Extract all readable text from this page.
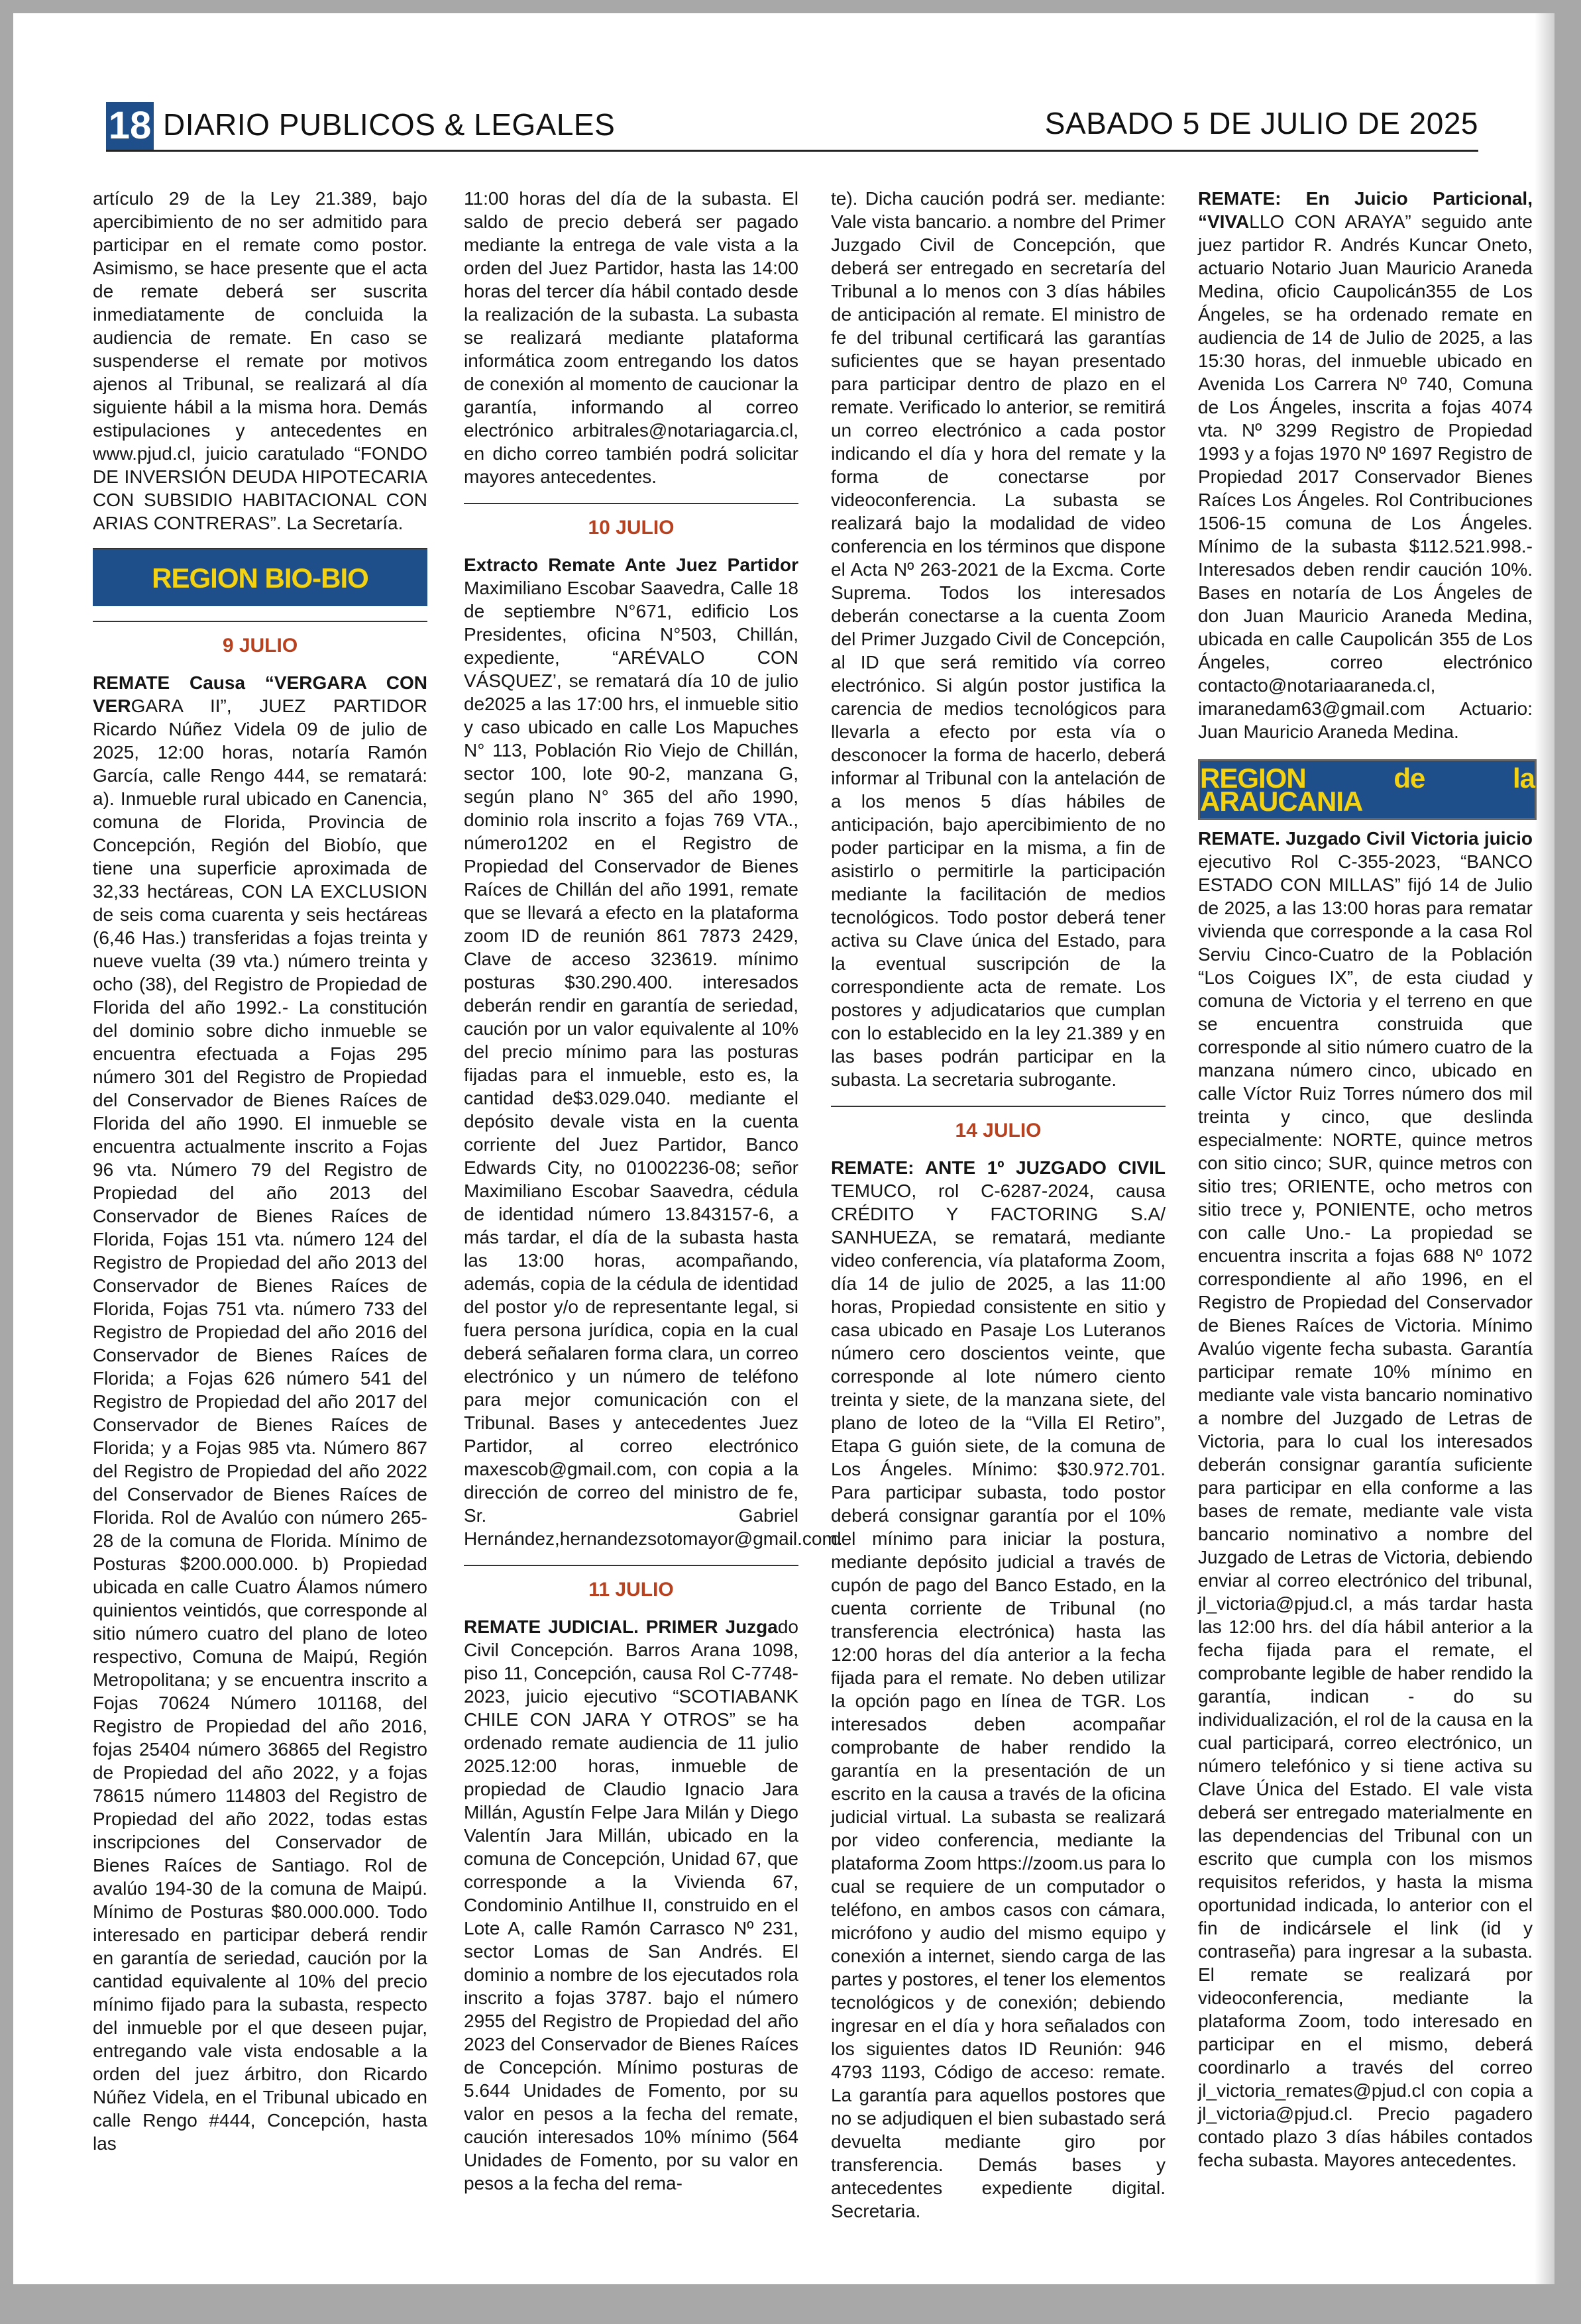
18 DIARIO PUBLICOS & LEGALES	SABADO 5 DE JULIO DE 2025

artículo 29 de la Ley 21.389, bajo apercibimiento de no ser admitido para participar en el remate como postor. Asimismo, se hace presente que el acta de remate deberá ser suscrita inmediatamente de concluida la audiencia de remate. En caso se suspenderse el remate por motivos ajenos al Tribunal, se realizará al día siguiente hábil a la misma hora. Demás estipulaciones y antecedentes en www.pjud.cl, juicio caratulado “FONDO DE INVERSIÓN DEUDA HIPOTECARIA CON SUBSIDIO HABITACIONAL CON ARIAS CONTRERAS”. La Secretaría.

REGION BIO-BIO
9 JULIO

REMATE Causa “VERGARA CON VERGARA II”, JUEZ PARTIDOR Ricardo Núñez Videla 09 de julio de 2025, 12:00 horas, notaría Ramón García, calle Rengo 444, se rematará: a). Inmueble rural ubicado en Canencia, comuna de Florida, Provincia de Concepción, Región del Biobío, que tiene una superficie aproximada de 32,33 hectáreas, CON LA EXCLUSION de seis coma cuarenta y seis hectáreas (6,46 Has.) transferidas a fojas treinta y nueve vuelta (39 vta.) número treinta y ocho (38), del Registro de Propiedad de Florida del año 1992.- La constitución del dominio sobre dicho inmueble se encuentra efectuada a Fojas 295 número 301 del Registro de Propiedad del Conservador de Bienes Raíces de Florida del año 1990. El inmueble se encuentra actualmente inscrito a Fojas 96 vta. Número 79 del Registro de Propiedad del año 2013 del Conservador de Bienes Raíces de Florida, Fojas 151 vta. número 124 del Registro de Propiedad del año 2013 del Conservador de Bienes Raíces de Florida, Fojas 751 vta. número 733 del Registro de Propiedad del año 2016 del Conservador de Bienes Raíces de Florida; a Fojas 626 número 541 del Registro de Propiedad del año 2017 del Conservador de Bienes Raíces de Florida; y a Fojas 985 vta. Número 867 del Registro de Propiedad del año 2022 del Conservador de Bienes Raíces de Florida. Rol de Avalúo con número 265-28 de la comuna de Florida. Mínimo de Posturas $200.000.000. b) Propiedad ubicada en calle Cuatro Álamos número quinientos veintidós, que corresponde al sitio número cuatro del plano de loteo respectivo, Comuna de Maipú, Región Metropolitana; y se encuentra inscrito a Fojas 70624 Número 101168, del Registro de Propiedad del año 2016, fojas 25404 número 36865 del Registro de Propiedad del año 2022, y a fojas 78615 número 114803 del Registro de Propiedad del año 2022, todas estas inscripciones del Conservador de Bienes Raíces de Santiago. Rol de avalúo 194-30 de la comuna de Maipú. Mínimo de Posturas $80.000.000. Todo interesado en participar deberá rendir en garantía de seriedad, caución por la cantidad equivalente al 10% del precio mínimo fijado para la subasta, respecto del inmueble por el que deseen pujar, entregando vale vista endosable a la orden del juez árbitro, don Ricardo Núñez Videla, en el Tribunal ubicado en calle Rengo #444, Concepción, hasta las

11:00 horas del día de la subasta. El saldo de precio deberá ser pagado mediante la entrega de vale vista a la orden del Juez Partidor, hasta las 14:00 horas del tercer día hábil contado desde la realización de la subasta. La subasta se realizará mediante plataforma informática zoom entregando los datos de conexión al momento de caucionar la garantía, informando al correo electrónico arbitrales@notariagarcia.cl, en dicho correo también podrá solicitar mayores antecedentes.

10 JULIO

Extracto Remate Ante Juez Partidor Maximiliano Escobar Saavedra, Calle 18 de septiembre N°671, edificio Los Presidentes, oficina N°503, Chillán, expediente, “ARÉVALO CON VÁSQUEZ’, se rematará día 10 de julio de2025 a las 17:00 hrs, el inmueble sitio y caso ubicado en calle Los Mapuches N° 113, Población Rio Viejo de Chillán, sector 100, lote 90-2, manzana G, según plano N° 365 del año 1990, dominio rola inscrito a fojas 769 VTA., número1202 en el Registro de Propiedad del Conservador de Bienes Raíces de Chillán del año 1991, remate que se llevará a efecto en la plataforma zoom ID de reunión 861 7873 2429, Clave de acceso 323619. mínimo posturas $30.290.400. interesados deberán rendir en garantía de seriedad, caución por un valor equivalente al 10% del precio mínimo para las posturas fijadas para el inmueble, esto es, la cantidad de$3.029.040. mediante el depósito devale vista en la cuenta corriente del Juez Partidor, Banco Edwards City, no 01002236-08; señor Maximiliano Escobar Saavedra, cédula de identidad número 13.843157-6, a más tardar, el día de la subasta hasta las 13:00 horas, acompañando, además, copia de la cédula de identidad del postor y/o de representante legal, si fuera persona jurídica, copia en la cual deberá señalaren forma clara, un correo electrónico y un número de teléfono para mejor comunicación con el Tribunal. Bases y antecedentes Juez Partidor, al correo electrónico maxescob@gmail.com, con copia a la dirección de correo del ministro de fe, Sr. Gabriel Hernández,hernandezsotomayor@gmail.com.

11 JULIO

REMATE JUDICIAL. PRIMER Juzgado Civil Concepción. Barros Arana 1098, piso 11, Concepción, causa Rol C-7748-2023, juicio ejecutivo “SCOTIABANK CHILE CON JARA Y OTROS” se ha ordenado remate audiencia de 11 julio 2025.12:00 horas, inmueble de propiedad de Claudio Ignacio Jara Millán, Agustín Felpe Jara Milán y Diego Valentín Jara Millán, ubicado en la comuna de Concepción, Unidad 67, que corresponde a la Vivienda 67, Condominio Antilhue II, construido en el Lote A, calle Ramón Carrasco Nº 231, sector Lomas de San Andrés. El dominio a nombre de los ejecutados rola inscrito a fojas 3787. bajo el número 2955 del Registro de Propiedad del año 2023 del Conservador de Bienes Raíces de Concepción. Mínimo posturas de 5.644 Unidades de Fomento, por su valor en pesos a la fecha del remate, caución interesados 10% mínimo (564 Unidades de Fomento, por su valor en pesos a la fecha del rema-

te). Dicha caución podrá ser. mediante: Vale vista bancario. a nombre del Primer Juzgado Civil de Concepción, que deberá ser entregado en secretaría del Tribunal a lo menos con 3 días hábiles de anticipación al remate. El ministro de fe del tribunal certificará las garantías suficientes que se hayan presentado para participar dentro de plazo en el remate. Verificado lo anterior, se remitirá un correo electrónico a cada postor indicando el día y hora del remate y la forma de conectarse por videoconferencia. La subasta se realizará bajo la modalidad de video conferencia en los términos que dispone el Acta Nº 263-2021 de la Excma. Corte Suprema. Todos los interesados deberán conectarse a la cuenta Zoom del Primer Juzgado Civil de Concepción, al ID que será remitido vía correo electrónico. Si algún postor justifica la carencia de medios tecnológicos para llevarla a efecto por esta vía o desconocer la forma de hacerlo, deberá informar al Tribunal con la antelación de a los menos 5 días hábiles de anticipación, bajo apercibimiento de no poder participar en la misma, a fin de asistirlo o permitirle la participación mediante la facilitación de medios tecnológicos. Todo postor deberá tener activa su Clave única del Estado, para la eventual suscripción de la correspondiente acta de remate. Los postores y adjudicatarios que cumplan con lo establecido en la ley 21.389 y en las bases podrán participar en la subasta. La secretaria subrogante.

14 JULIO

REMATE: ANTE 1º JUZGADO CIVIL TEMUCO, rol C-6287-2024, causa CRÉDITO Y FACTORING S.A/ SANHUEZA, se rematará, mediante video conferencia, vía plataforma Zoom, día 14 de julio de 2025, a las 11:00 horas, Propiedad consistente en sitio y casa ubicado en Pasaje Los Luteranos número cero doscientos veinte, que corresponde al lote número ciento treinta y siete, de la manzana siete, del plano de loteo de la “Villa El Retiro”, Etapa G guión siete, de la comuna de Los Ángeles. Mínimo: $30.972.701. Para participar subasta, todo postor deberá consignar garantía por el 10% del mínimo para iniciar la postura, mediante depósito judicial a través de cupón de pago del Banco Estado, en la cuenta corriente de Tribunal (no transferencia electrónica) hasta las 12:00 horas del día anterior a la fecha fijada para el remate. No deben utilizar la opción pago en línea de TGR. Los interesados deben acompañar comprobante de haber rendido la garantía en la presentación de un escrito en la causa a través de la oficina judicial virtual. La subasta se realizará por video conferencia, mediante la plataforma Zoom https://zoom.us para lo cual se requiere de un computador o teléfono, en ambos casos con cámara, micrófono y audio del mismo equipo y conexión a internet, siendo carga de las partes y postores, el tener los elementos tecnológicos y de conexión; debiendo ingresar en el día y hora señalados con los siguientes datos ID Reunión: 946 4793 1193, Código de acceso: remate. La garantía para aquellos postores que no se adjudiquen el bien subastado será devuelta mediante giro por transferencia. Demás bases y antecedentes expediente digital. Secretaria.

REMATE: En Juicio Particional, “VIVALLO CON ARAYA” seguido ante juez partidor R. Andrés Kuncar Oneto, actuario Notario Juan Mauricio Araneda Medina, oficio Caupolicán355 de Los Ángeles, se ha ordenado remate en audiencia de 14 de Julio de 2025, a las 15:30 horas, del inmueble ubicado en Avenida Los Carrera Nº 740, Comuna de Los Ángeles, inscrita a fojas 4074 vta. Nº 3299 Registro de Propiedad 1993 y a fojas 1970 Nº 1697 Registro de Propiedad 2017 Conservador Bienes Raíces Los Ángeles. Rol Contribuciones 1506-15 comuna de Los Ángeles. Mínimo de la subasta $112.521.998.- Interesados deben rendir caución 10%. Bases en notaría de Los Ángeles de don Juan Mauricio Araneda Medina, ubicada en calle Caupolicán 355 de Los Ángeles, correo electrónico contacto@notariaaraneda.cl, imaranedam63@gmail.com Actuario: Juan Mauricio Araneda Medina.

REGION de la ARAUCANIA

REMATE. Juzgado Civil Victoria juicio ejecutivo Rol C-355-2023, “BANCO ESTADO CON MILLAS” fijó 14 de Julio de 2025, a las 13:00 horas para rematar vivienda que corresponde a la casa Rol Serviu Cinco-Cuatro de la Población “Los Coigues IX”, de esta ciudad y comuna de Victoria y el terreno en que se encuentra construida que corresponde al sitio número cuatro de la manzana número cinco, ubicado en calle Víctor Ruiz Torres número dos mil treinta y cinco, que deslinda especialmente: NORTE, quince metros con sitio cinco; SUR, quince metros con sitio tres; ORIENTE, ocho metros con sitio trece y, PONIENTE, ocho metros con calle Uno.- La propiedad se encuentra inscrita a fojas 688 Nº 1072 correspondiente al año 1996, en el Registro de Propiedad del Conservador de Bienes Raíces de Victoria. Mínimo Avalúo vigente fecha subasta. Garantía participar remate 10% mínimo en mediante vale vista bancario nominativo a nombre del Juzgado de Letras de Victoria, para lo cual los interesados deberán consignar garantía suficiente para participar en ella conforme a las bases de remate, mediante vale vista bancario nominativo a nombre del Juzgado de Letras de Victoria, debiendo enviar al correo electrónico del tribunal, jl_victoria@pjud.cl, a más tardar hasta las 12:00 hrs. del día hábil anterior a la fecha fijada para el remate, el comprobante legible de haber rendido la garantía, indican - do su individualización, el rol de la causa en la cual participará, correo electrónico, un número telefónico y si tiene activa su Clave Única del Estado. El vale vista deberá ser entregado materialmente en las dependencias del Tribunal con un escrito que cumpla con los mismos requisitos referidos, y hasta la misma oportunidad indicada, lo anterior con el fin de indicársele el link (id y contraseña) para ingresar a la subasta. El remate se realizará por videoconferencia, mediante la plataforma Zoom, todo interesado en participar en el mismo, deberá coordinarlo a través del correo jl_victoria_remates@pjud.cl con copia a jl_victoria@pjud.cl. Precio pagadero contado plazo 3 días hábiles contados fecha subasta. Mayores antecedentes.
